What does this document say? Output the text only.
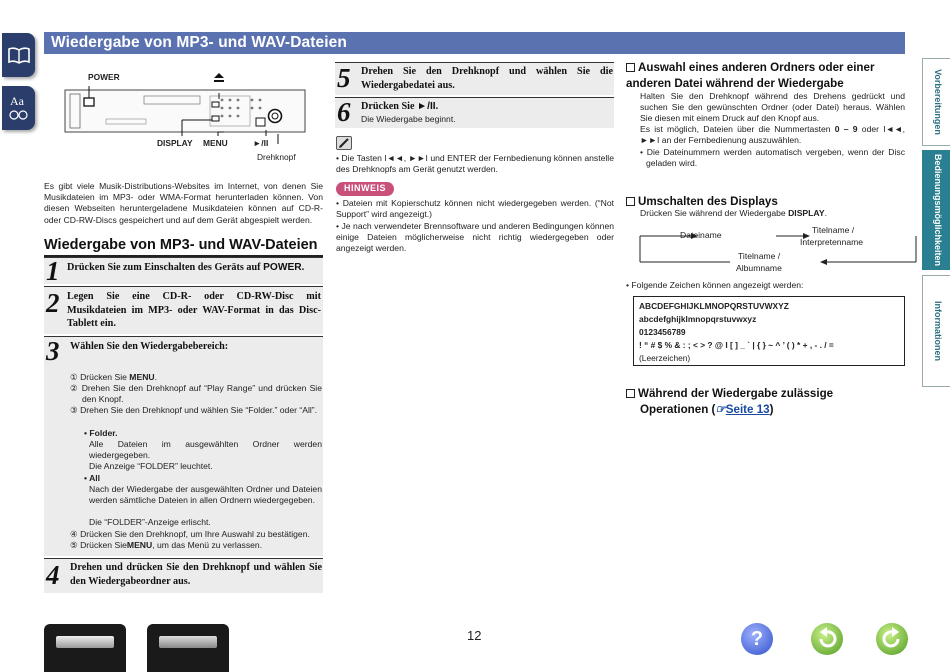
Aa
Wiedergabe von MP3- und WAV-Dateien
Vorbereitungen
Bedienungsmöglichkeiten
Informationen
POWER
DISPLAY MENU	►/II
Drehknopf
Es gibt viele Musik-Distributions-Websites im Internet, von denen Sie Musikdateien im MP3- oder WMA-Format herunterladen können. Von diesen Webseiten heruntergeladene Musikdateien können auf CD-R- oder CD-RW-Discs gespeichert und auf dem Gerät abgespielt werden.
Wiedergabe von MP3- und WAV-Dateien
1 Drücken Sie zum Einschalten des Geräts auf POWER.
2 Legen Sie eine CD-R- oder CD-RW-Disc mit Musikdateien im MP3- oder WAV-Format in das Disc-Tablett ein.
3 Wählen Sie den Wiedergabebereich:
① Drücken Sie MENU.
② Drehen Sie den Drehknopf auf “Play Range” und drücken Sie den Knopf.
③ Drehen Sie den Drehknopf und wählen Sie “Folder.” oder “All”.
• Folder.
Alle Dateien im ausgewählten Ordner werden wiedergegeben.
Die Anzeige “FOLDER” leuchtet.
• All
Nach der Wiedergabe der ausgewählten Ordner und Dateien werden sämtliche Dateien in allen Ordnern wiedergegeben.
Die “FOLDER”-Anzeige erlischt.
④ Drücken Sie den Drehknopf, um Ihre Auswahl zu bestätigen.
⑤ Drücken SieMENU, um das Menü zu verlassen.
4 Drehen und drücken Sie den Drehknopf und wählen Sie den Wiedergabeordner aus.
5 Drehen Sie den Drehknopf und wählen Sie die Wiedergabedatei aus.
6 Drücken Sie ►/II.
Die Wiedergabe beginnt.
• Die Tasten I◄◄, ►►I und ENTER der Fernbedienung können anstelle des Drehknopfs am Gerät genutzt werden.
HINWEIS
• Dateien mit Kopierschutz können nicht wiedergegeben werden. (“Not Support” wird angezeigt.)
• Je nach verwendeter Brennsoftware und anderen Bedingungen können einige Dateien möglicherweise nicht richtig wiedergegeben oder angezeigt werden.
Auswahl eines anderen Ordners oder einer anderen Datei während der Wiedergabe
Halten Sie den Drehknopf während des Drehens gedrückt und suchen Sie den gewünschten Ordner (oder Datei) heraus. Wählen Sie diesen mit einem Druck auf den Knopf aus.
Es ist möglich, Dateien über die Nummertasten 0 – 9 oder I◄◄, ►►I an der Fernbedienung auszuwählen.
• Die Dateinummern werden automatisch vergeben, wenn der Disc geladen wird.
Umschalten des Displays
Drücken Sie während der Wiedergabe DISPLAY.
Dateiname	Titelname /
Interpretenname
Titelname /
Albumname
• Folgende Zeichen können angezeigt werden:
ABCDEFGHIJKLMNOPQRSTUVWXYZ
abcdefghijklmnopqrstuvwxyz
0123456789
! “ # $ % & : ; < > ? @ I [ ] _ ` | { } ~ ^ ’ ( ) * + , - . / =
(Leerzeichen)
Während der Wiedergabe zulässige
Operationen (☞Seite 13)
12	?
